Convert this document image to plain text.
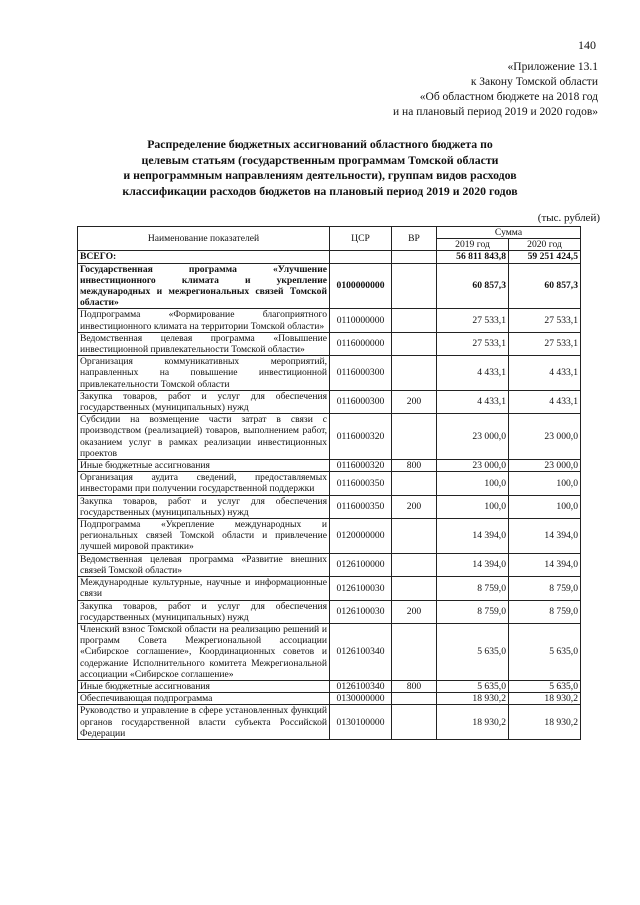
140
«Приложение 13.1
к Закону Томской области
«Об областном бюджете на 2018 год
и на плановый период 2019 и 2020 годов»
Распределение бюджетных ассигнований областного бюджета по
целевым статьям (государственным программам Томской области
и непрограммным направлениям деятельности), группам видов расходов
классификации расходов бюджетов на плановый период 2019 и 2020 годов
(тыс. рублей)
Наименование показателей	ЦСР	ВР	Сумма	
			2019 год	2020 год
ВСЕГО:			56 811 843,8	59 251 424,5
Государственная программа «Улучшение инвестиционного климата и укрепление международных и межрегиональных связей Томской области»	0100000000		60 857,3	60 857,3
Подпрограмма «Формирование благоприятного инвестиционного климата на территории Томской области»	0110000000		27 533,1	27 533,1
Ведомственная целевая программа «Повышение инвестиционной привлекательности Томской области»	0116000000		27 533,1	27 533,1
Организация коммуникативных мероприятий, направленных на повышение инвестиционной привлекательности Томской области	0116000300		4 433,1	4 433,1
Закупка товаров, работ и услуг для обеспечения государственных (муниципальных) нужд	0116000300	200	4 433,1	4 433,1
Субсидии на возмещение части затрат в связи с производством (реализацией) товаров, выполнением работ, оказанием услуг в рамках реализации инвестиционных проектов	0116000320		23 000,0	23 000,0
Иные бюджетные ассигнования	0116000320	800	23 000,0	23 000,0
Организация аудита сведений, предоставляемых инвесторами при получении государственной поддержки	0116000350		100,0	100,0
Закупка товаров, работ и услуг для обеспечения государственных (муниципальных) нужд	0116000350	200	100,0	100,0
Подпрограмма «Укрепление международных и региональных связей Томской области и привлечение лучшей мировой практики»	0120000000		14 394,0	14 394,0
Ведомственная целевая программа «Развитие внешних связей Томской области»	0126100000		14 394,0	14 394,0
Международные культурные, научные и информационные связи	0126100030		8 759,0	8 759,0
Закупка товаров, работ и услуг для обеспечения государственных (муниципальных) нужд	0126100030	200	8 759,0	8 759,0
Членский взнос Томской области на реализацию решений и программ Совета Межрегиональной ассоциации «Сибирское соглашение», Координационных советов и содержание Исполнительного комитета Межрегиональной ассоциации «Сибирское соглашение»	0126100340		5 635,0	5 635,0
Иные бюджетные ассигнования	0126100340	800	5 635,0	5 635,0
Обеспечивающая подпрограмма	0130000000		18 930,2	18 930,2
Руководство и управление в сфере установленных функций органов государственной власти субъекта Российской Федерации	0130100000		18 930,2	18 930,2
